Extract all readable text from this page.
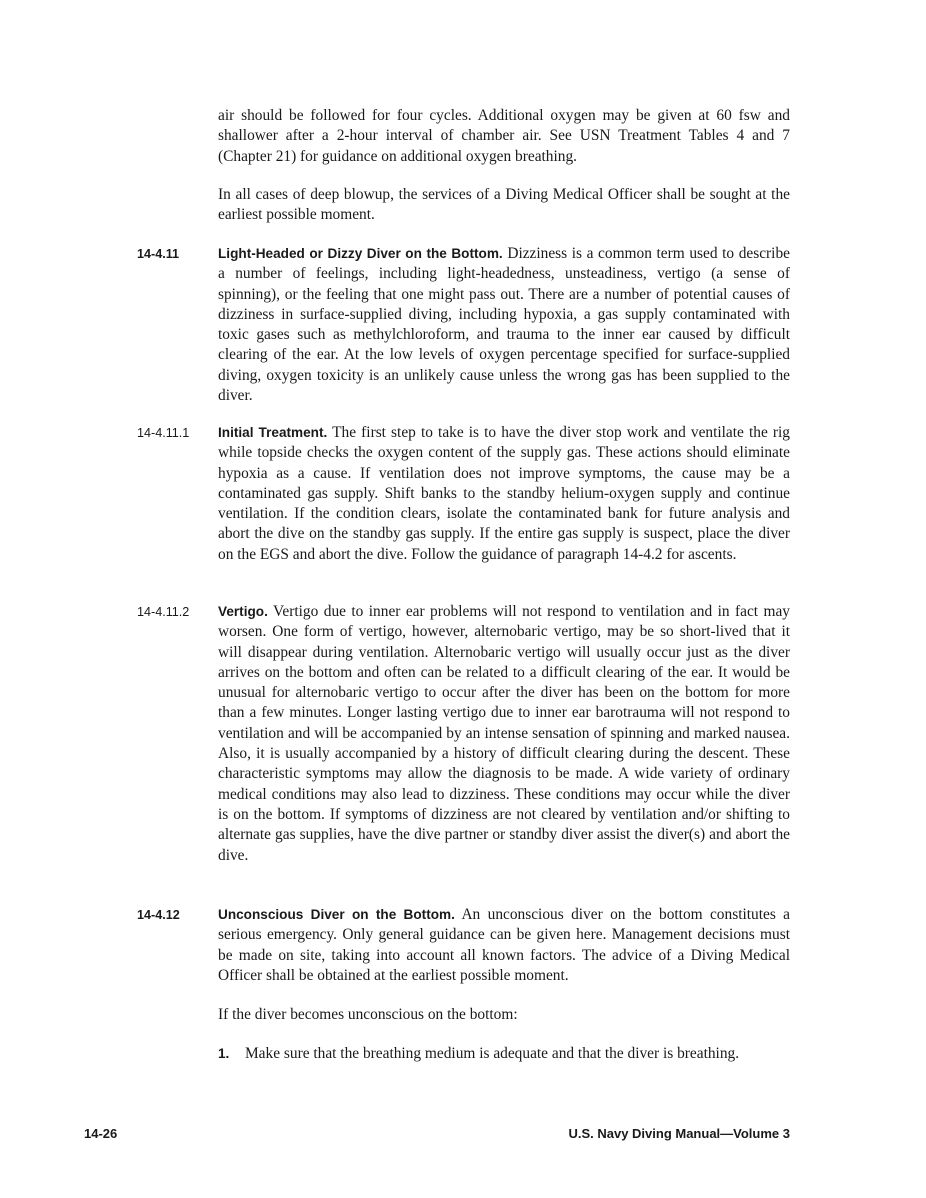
air should be followed for four cycles. Additional oxygen may be given at 60 fsw and shallower after a 2-hour interval of chamber air. See USN Treatment Tables 4 and 7 (Chapter 21) for guidance on additional oxygen breathing.

In all cases of deep blowup, the services of a Diving Medical Officer shall be sought at the earliest possible moment.

14-4.11	Light-Headed or Dizzy Diver on the Bottom. Dizziness is a common term used to describe a number of feelings, including light-headedness, unsteadiness, vertigo (a sense of spinning), or the feeling that one might pass out. There are a number of potential causes of dizziness in surface-supplied diving, including hypoxia, a gas supply contaminated with toxic gases such as methylchloroform, and trauma to the inner ear caused by difficult clearing of the ear. At the low levels of oxygen percentage specified for surface-supplied diving, oxygen toxicity is an unlikely cause unless the wrong gas has been supplied to the diver.

14-4.11.1 Initial Treatment. The first step to take is to have the diver stop work and ventilate the rig while topside checks the oxygen content of the supply gas. These actions should eliminate hypoxia as a cause. If ventilation does not improve symptoms, the cause may be a contaminated gas supply. Shift banks to the standby helium-oxygen supply and continue ventilation. If the condition clears, isolate the contaminated bank for future analysis and abort the dive on the standby gas supply. If the entire gas supply is suspect, place the diver on the EGS and abort the dive. Follow the guidance of paragraph 14-4.2 for ascents.

14-4.11.2 Vertigo. Vertigo due to inner ear problems will not respond to ventilation and in fact may worsen. One form of vertigo, however, alternobaric vertigo, may be so short-lived that it will disappear during ventilation. Alternobaric vertigo will usually occur just as the diver arrives on the bottom and often can be related to a difficult clearing of the ear. It would be unusual for alternobaric vertigo to occur after the diver has been on the bottom for more than a few minutes. Longer lasting vertigo due to inner ear barotrauma will not respond to ventilation and will be accompanied by an intense sensation of spinning and marked nausea. Also, it is usually accompanied by a history of difficult clearing during the descent. These characteristic symptoms may allow the diagnosis to be made. A wide variety of ordinary medical conditions may also lead to dizziness. These conditions may occur while the diver is on the bottom. If symptoms of dizziness are not cleared by ventilation and/or shifting to alternate gas supplies, have the dive partner or standby diver assist the diver(s) and abort the dive.

14-4.12	Unconscious Diver on the Bottom. An unconscious diver on the bottom constitutes a serious emergency. Only general guidance can be given here. Management decisions must be made on site, taking into account all known factors. The advice of a Diving Medical Officer shall be obtained at the earliest possible moment.

If the diver becomes unconscious on the bottom:

1. Make sure that the breathing medium is adequate and that the diver is breathing.

14-26	U.S. Navy Diving Manual—Volume 3
